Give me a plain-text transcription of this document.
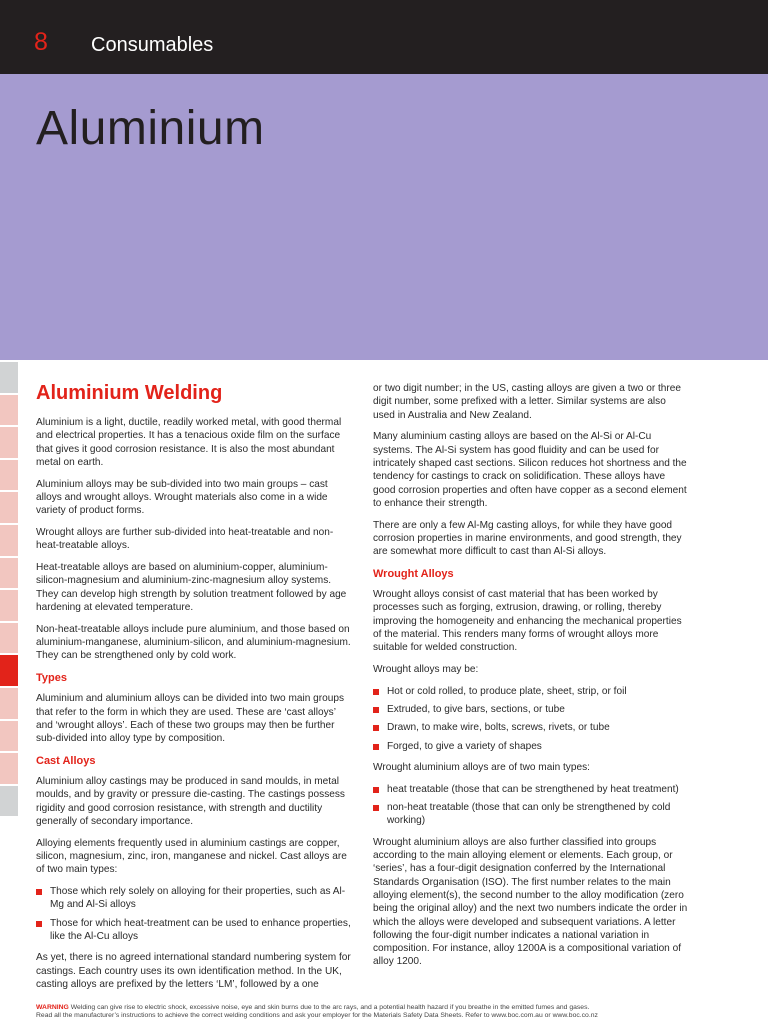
8 Consumables
Aluminium
Aluminium Welding

Aluminium is a light, ductile, readily worked metal, with good thermal and electrical properties. It has a tenacious oxide film on the surface that gives it good corrosion resistance. It is also the most abundant metal on earth.

Aluminium alloys may be sub-divided into two main groups – cast alloys and wrought alloys. Wrought materials also come in a wide variety of product forms.

Wrought alloys are further sub-divided into heat-treatable and non-heat-treatable alloys.

Heat-treatable alloys are based on aluminium-copper, aluminium-silicon-magnesium and aluminium-zinc-magnesium alloy systems. They can develop high strength by solution treatment followed by age hardening at elevated temperature.

Non-heat-treatable alloys include pure aluminium, and those based on aluminium-manganese, aluminium-silicon, and aluminium-magnesium. They can be strengthened only by cold work.

Types

Aluminium and aluminium alloys can be divided into two main groups that refer to the form in which they are used. These are ‘cast alloys’ and ‘wrought alloys’. Each of these two groups may then be further sub-divided into alloy type by composition.

Cast Alloys

Aluminium alloy castings may be produced in sand moulds, in metal moulds, and by gravity or pressure die-casting. The castings possess rigidity and good corrosion resistance, with strength and ductility generally of secondary importance.

Alloying elements frequently used in aluminium castings are copper, silicon, magnesium, zinc, iron, manganese and nickel. Cast alloys are of two main types:

Those which rely solely on alloying for their properties, such as Al-Mg and Al-Si alloys
Those for which heat-treatment can be used to enhance properties, like the Al-Cu alloys

As yet, there is no agreed international standard numbering system for castings. Each country uses its own identification method. In the UK, casting alloys are prefixed by the letters ‘LM’, followed by a one

or two digit number; in the US, casting alloys are given a two or three digit number, some prefixed with a letter. Similar systems are also used in Australia and New Zealand.

Many aluminium casting alloys are based on the Al-Si or Al-Cu systems. The Al-Si system has good fluidity and can be used for intricately shaped cast sections. Silicon reduces hot shortness and the tendency for castings to crack on solidification. These alloys have good corrosion properties and often have copper as a second element to enhance their strength.

There are only a few Al-Mg casting alloys, for while they have good corrosion properties in marine environments, and good strength, they are somewhat more difficult to cast than Al-Si alloys.

Wrought Alloys

Wrought alloys consist of cast material that has been worked by processes such as forging, extrusion, drawing, or rolling, thereby improving the homogeneity and enhancing the mechanical properties of the material. This renders many forms of wrought alloys more suitable for welded construction.

Wrought alloys may be:

Hot or cold rolled, to produce plate, sheet, strip, or foil
Extruded, to give bars, sections, or tube
Drawn, to make wire, bolts, screws, rivets, or tube
Forged, to give a variety of shapes

Wrought aluminium alloys are of two main types:

heat treatable (those that can be strengthened by heat treatment)
non-heat treatable (those that can only be strengthened by cold working)

Wrought aluminium alloys are also further classified into groups according to the main alloying element or elements. Each group, or ‘series’, has a four-digit designation conferred by the International Standards Organisation (ISO). The first number relates to the main alloying element(s), the second number to the alloy modification (zero being the original alloy) and the next two numbers indicate the order in which the alloys were developed and subsequent variations. A letter following the four-digit number indicates a national variation in composition. For instance, alloy 1200A is a compositional variation of alloy 1200.

WARNING Welding can give rise to electric shock, excessive noise, eye and skin burns due to the arc rays, and a potential health hazard if you breathe in the emitted fumes and gases.
Read all the manufacturer’s instructions to achieve the correct welding conditions and ask your employer for the Materials Safety Data Sheets. Refer to www.boc.com.au or www.boc.co.nz
